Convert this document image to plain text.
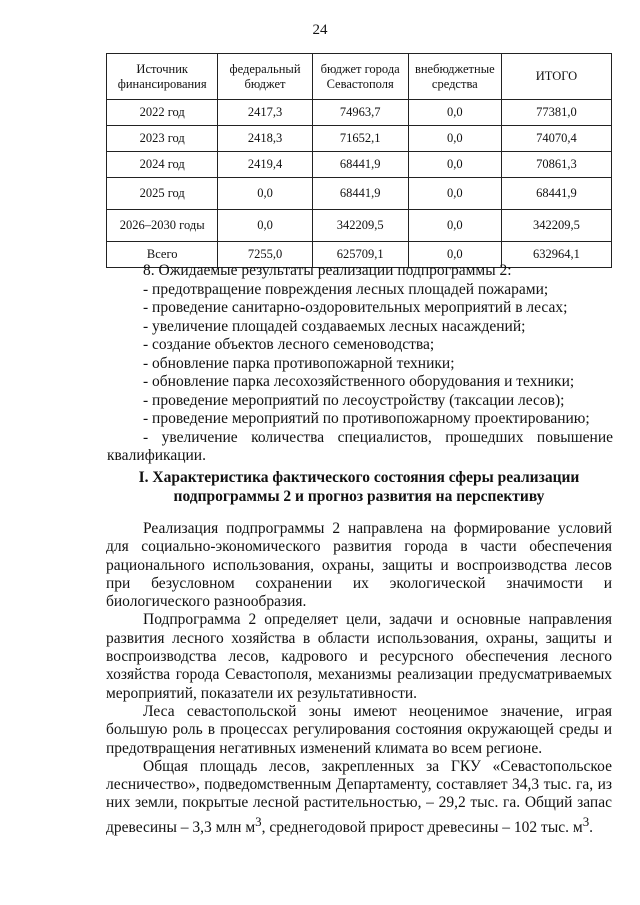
24
Источник финансирования	федеральный бюджет	бюджет города Севастополя	внебюджетные средства	ИТОГО
2022 год	2417,3	74963,7	0,0	77381,0
2023 год	2418,3	71652,1	0,0	74070,4
2024 год	2419,4	68441,9	0,0	70861,3
2025 год	0,0	68441,9	0,0	68441,9
2026–2030 годы	0,0	342209,5	0,0	342209,5
Всего	7255,0	625709,1	0,0	632964,1
8. Ожидаемые результаты реализации подпрограммы 2:
- предотвращение повреждения лесных площадей пожарами;
- проведение санитарно-оздоровительных мероприятий в лесах;
- увеличение площадей создаваемых лесных насаждений;
- создание объектов лесного семеноводства;
- обновление парка противопожарной техники;
- обновление парка лесохозяйственного оборудования и техники;
- проведение мероприятий по лесоустройству (таксации лесов);
- проведение мероприятий по противопожарному проектированию;
- увеличение количества специалистов, прошедших повышение
квалификации.
I. Характеристика фактического состояния сферы реализации
подпрограммы 2 и прогноз развития на перспективу

Реализация подпрограммы 2 направлена на формирование условий для социально-экономического развития города в части обеспечения рационального использования, охраны, защиты и воспроизводства лесов при безусловном сохранении их экологической значимости и биологического разнообразия.

Подпрограмма 2 определяет цели, задачи и основные направления развития лесного хозяйства в области использования, охраны, защиты и воспроизводства лесов, кадрового и ресурсного обеспечения лесного хозяйства города Севастополя, механизмы реализации предусматриваемых мероприятий, показатели их результативности.

Леса севастопольской зоны имеют неоценимое значение, играя большую роль в процессах регулирования состояния окружающей среды и предотвращения негативных изменений климата во всем регионе.

Общая площадь лесов, закрепленных за ГКУ «Севастопольское лесничество», подведомственным Департаменту, составляет 34,3 тыс. га, из них земли, покрытые лесной растительностью, – 29,2 тыс. га. Общий запас древесины – 3,3 млн $м^3$, среднегодовой прирост древесины – 102 тыс. $м^3$.
